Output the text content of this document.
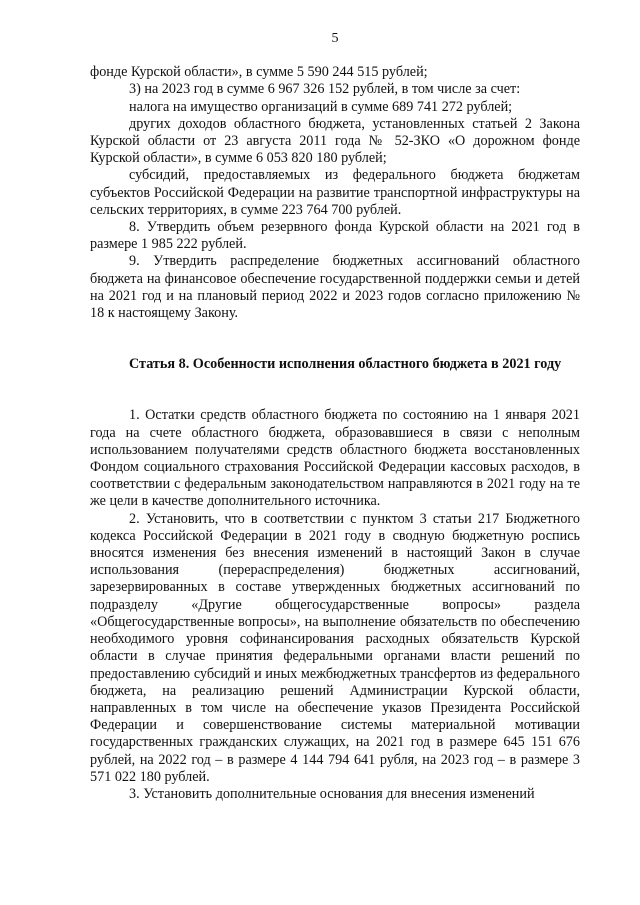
5

фонде Курской области», в сумме 5 590 244 515 рублей;

3) на 2023 год в сумме 6 967 326 152 рублей, в том числе за счет:

налога на имущество организаций в сумме 689 741 272 рублей;

других доходов областного бюджета, установленных статьей 2 Закона Курской области от 23 августа 2011 года № 52-ЗКО «О дорожном фонде Курской области», в сумме 6 053 820 180 рублей;

субсидий, предоставляемых из федерального бюджета бюджетам субъектов Российской Федерации на развитие транспортной инфраструктуры на сельских территориях, в сумме 223 764 700 рублей.

8. Утвердить объем резервного фонда Курской области на 2021 год в размере 1 985 222 рублей.

9. Утвердить распределение бюджетных ассигнований областного бюджета на финансовое обеспечение государственной поддержки семьи и детей на 2021 год и на плановый период 2022 и 2023 годов согласно приложению № 18 к настоящему Закону.

Статья 8. Особенности исполнения областного бюджета в 2021 году

1. Остатки средств областного бюджета по состоянию на 1 января 2021 года на счете областного бюджета, образовавшиеся в связи с неполным использованием получателями средств областного бюджета восстановленных Фондом социального страхования Российской Федерации кассовых расходов, в соответствии с федеральным законодательством направляются в 2021 году на те же цели в качестве дополнительного источника.

2. Установить, что в соответствии с пунктом 3 статьи 217 Бюджетного кодекса Российской Федерации в 2021 году в сводную бюджетную роспись вносятся изменения без внесения изменений в настоящий Закон в случае использования (перераспределения) бюджетных ассигнований, зарезервированных в составе утвержденных бюджетных ассигнований по подразделу «Другие общегосударственные вопросы» раздела «Общегосударственные вопросы», на выполнение обязательств по обеспечению необходимого уровня софинансирования расходных обязательств Курской области в случае принятия федеральными органами власти решений по предоставлению субсидий и иных межбюджетных трансфертов из федерального бюджета, на реализацию решений Администрации Курской области, направленных в том числе на обеспечение указов Президента Российской Федерации и совершенствование системы материальной мотивации государственных гражданских служащих, на 2021 год в размере 645 151 676 рублей, на 2022 год – в размере 4 144 794 641 рубля, на 2023 год – в размере 3 571 022 180 рублей.

3. Установить дополнительные основания для внесения изменений
